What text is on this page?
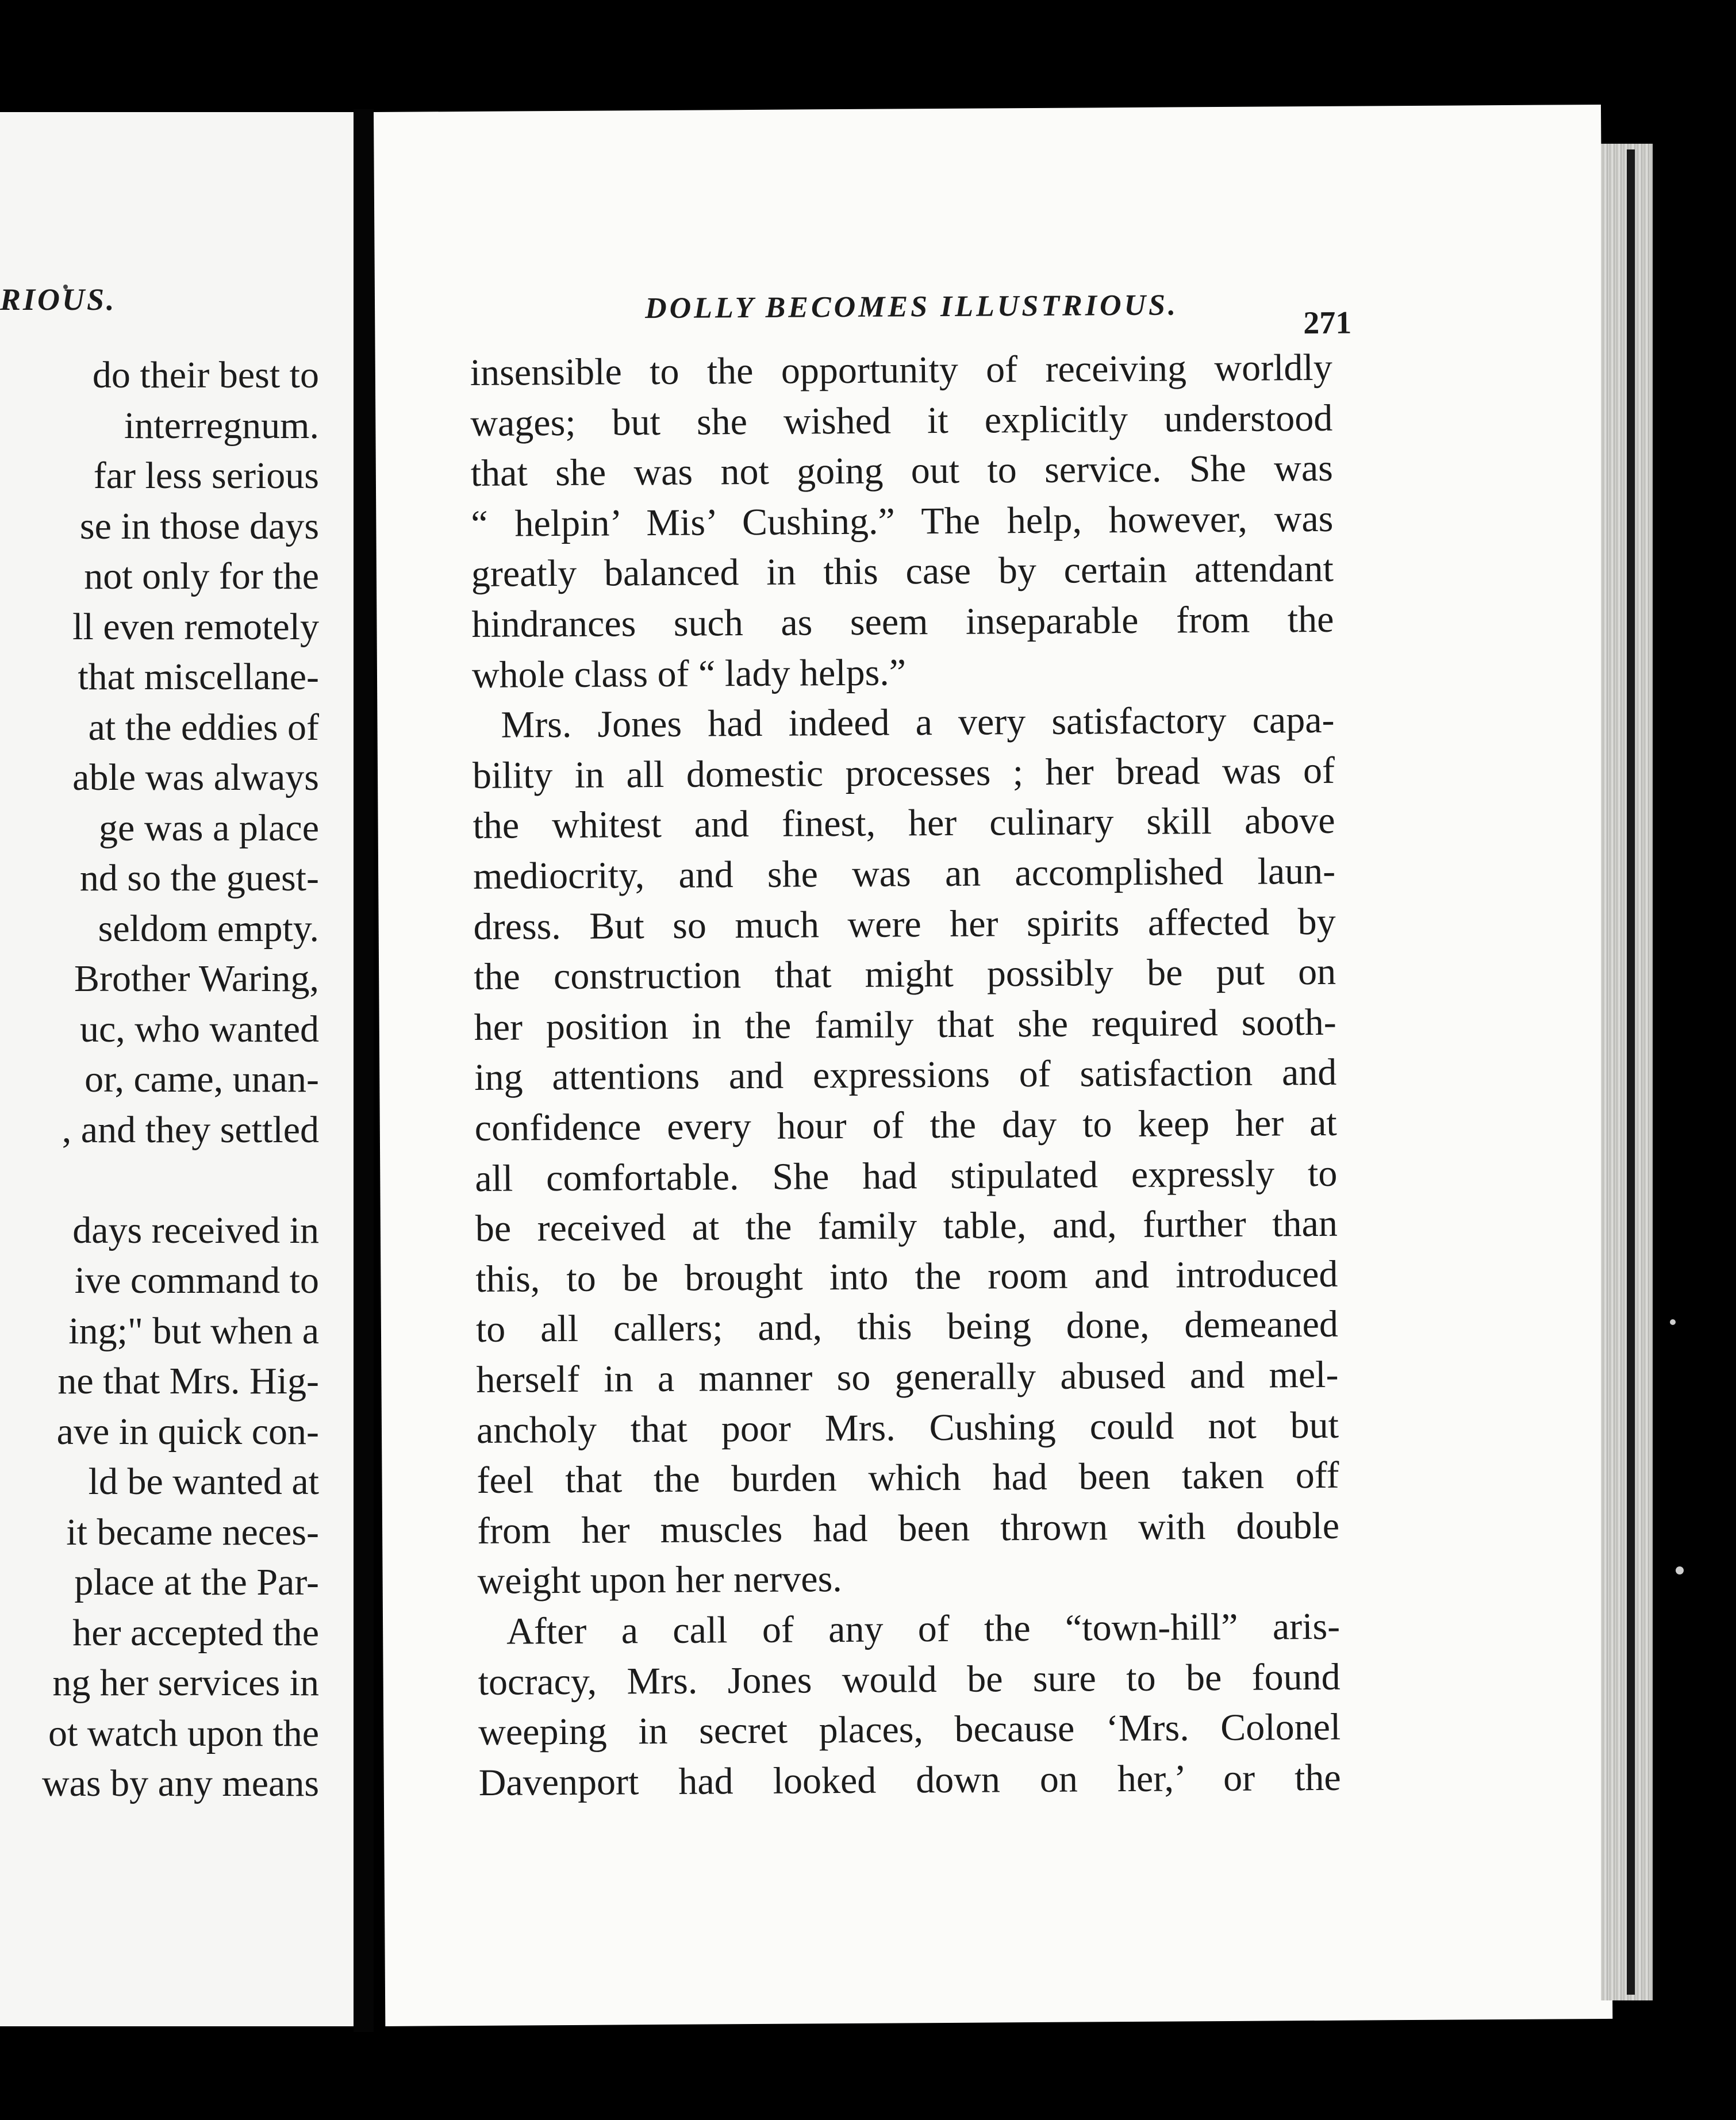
RIOUS.
do their best to
interregnum.
far less serious
se in those days
not only for the
ll even remotely
that miscellane-
at the eddies of
able was always
ge was a place
nd so the guest-
seldom empty.
Brother Waring,
uc, who wanted
or, came, unan-
, and they settled
days received in
ive command to
ing;" but when a
ne that Mrs. Hig-
ave in quick con-
ld be wanted at
it became neces-
place at the Par-
her accepted the
ng her services in
ot watch upon the
was by any means
DOLLY BECOMES ILLUSTRIOUS.	271
insensible to the opportunity of receiving worldly
wages; but she wished it explicitly understood
that she was not going out to service. She was
“ helpin’ Mis’ Cushing.” The help, however, was
greatly balanced in this case by certain attendant
hindrances such as seem inseparable from the
whole class of “ lady helps.”
Mrs. Jones had indeed a very satisfactory capa-
bility in all domestic processes ; her bread was of
the whitest and finest, her culinary skill above
mediocrity, and she was an accomplished laun-
dress. But so much were her spirits affected by
the construction that might possibly be put on
her position in the family that she required sooth-
ing attentions and expressions of satisfaction and
confidence every hour of the day to keep her at
all comfortable. She had stipulated expressly to
be received at the family table, and, further than
this, to be brought into the room and introduced
to all callers; and, this being done, demeaned
herself in a manner so generally abused and mel-
ancholy that poor Mrs. Cushing could not but
feel that the burden which had been taken off
from her muscles had been thrown with double
weight upon her nerves.
After a call of any of the “town-hill” aris-
tocracy, Mrs. Jones would be sure to be found
weeping in secret places, because ‘Mrs. Colonel
Davenport had looked down on her,’ or the
